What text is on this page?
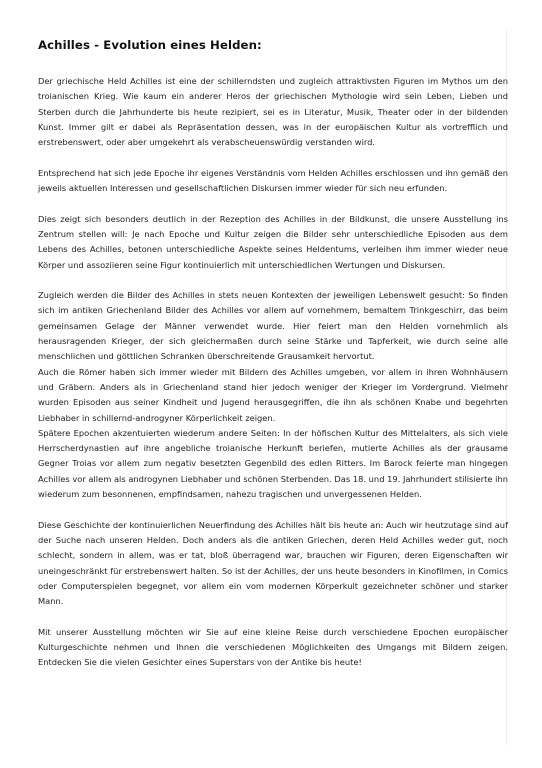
Achilles - Evolution eines Helden:

Der griechische Held Achilles ist eine der schillerndsten und zugleich attraktivsten Figuren im Mythos um den troianischen Krieg. Wie kaum ein anderer Heros der griechischen Mythologie wird sein Leben, Lieben und Sterben durch die Jahrhunderte bis heute rezipiert, sei es in Literatur, Musik, Theater oder in der bildenden Kunst. Immer gilt er dabei als Repräsentation dessen, was in der europäischen Kultur als vortrefflich und erstrebenswert, oder aber umgekehrt als verabscheuenswürdig verstanden wird.

Entsprechend hat sich jede Epoche ihr eigenes Verständnis vom Helden Achilles erschlossen und ihn gemäß den jeweils aktuellen Interessen und gesellschaftlichen Diskursen immer wieder für sich neu erfunden.

Dies zeigt sich besonders deutlich in der Rezeption des Achilles in der Bildkunst, die unsere Ausstellung ins Zentrum stellen will: Je nach Epoche und Kultur zeigen die Bilder sehr unterschiedliche Episoden aus dem Lebens des Achilles, betonen unterschiedliche Aspekte seines Heldentums, verleihen ihm immer wieder neue Körper und assoziieren seine Figur kontinuierlich mit unterschiedlichen Wertungen und Diskursen.

Zugleich werden die Bilder des Achilles in stets neuen Kontexten der jeweiligen Lebenswelt gesucht: So finden sich im antiken Griechenland Bilder des Achilles vor allem auf vornehmem, bemaltem Trinkgeschirr, das beim gemeinsamen Gelage der Männer verwendet wurde. Hier feiert man den Helden vornehmlich als herausragenden Krieger, der sich gleichermaßen durch seine Stärke und Tapferkeit, wie durch seine alle menschlichen und göttlichen Schranken überschreitende Grausamkeit hervortut.

Auch die Römer haben sich immer wieder mit Bildern des Achilles umgeben, vor allem in ihren Wohnhäusern und Gräbern. Anders als in Griechenland stand hier jedoch weniger der Krieger im Vordergrund. Vielmehr wurden Episoden aus seiner Kindheit und Jugend herausgegriffen, die ihn als schönen Knabe und begehrten Liebhaber in schillernd-androgyner Körperlichkeit zeigen.

Spätere Epochen akzentuierten wiederum andere Seiten: In der höfischen Kultur des Mittelalters, als sich viele Herrscherdynastien auf ihre angebliche troianische Herkunft beriefen, mutierte Achilles als der grausame Gegner Troias vor allem zum negativ besetzten Gegenbild des edlen Ritters. Im Barock feierte man hingegen Achilles vor allem als androgynen Liebhaber und schönen Sterbenden. Das 18. und 19. Jahrhundert stilisierte ihn wiederum zum besonnenen, empfindsamen, nahezu tragischen und unvergessenen Helden.

Diese Geschichte der kontinuierlichen Neuerfindung des Achilles hält bis heute an: Auch wir heutzutage sind auf der Suche nach unseren Helden. Doch anders als die antiken Griechen, deren Held Achilles weder gut, noch schlecht, sondern in allem, was er tat, bloß überragend war, brauchen wir Figuren, deren Eigenschaften wir uneingeschränkt für erstrebenswert halten. So ist der Achilles, der uns heute besonders in Kinofilmen, in Comics oder Computerspielen begegnet, vor allem ein vom modernen Körperkult gezeichneter schöner und starker Mann.

Mit unserer Ausstellung möchten wir Sie auf eine kleine Reise durch verschiedene Epochen europäischer Kulturgeschichte nehmen und Ihnen die verschiedenen Möglichkeiten des Umgangs mit Bildern zeigen. Entdecken Sie die vielen Gesichter eines Superstars von der Antike bis heute!
